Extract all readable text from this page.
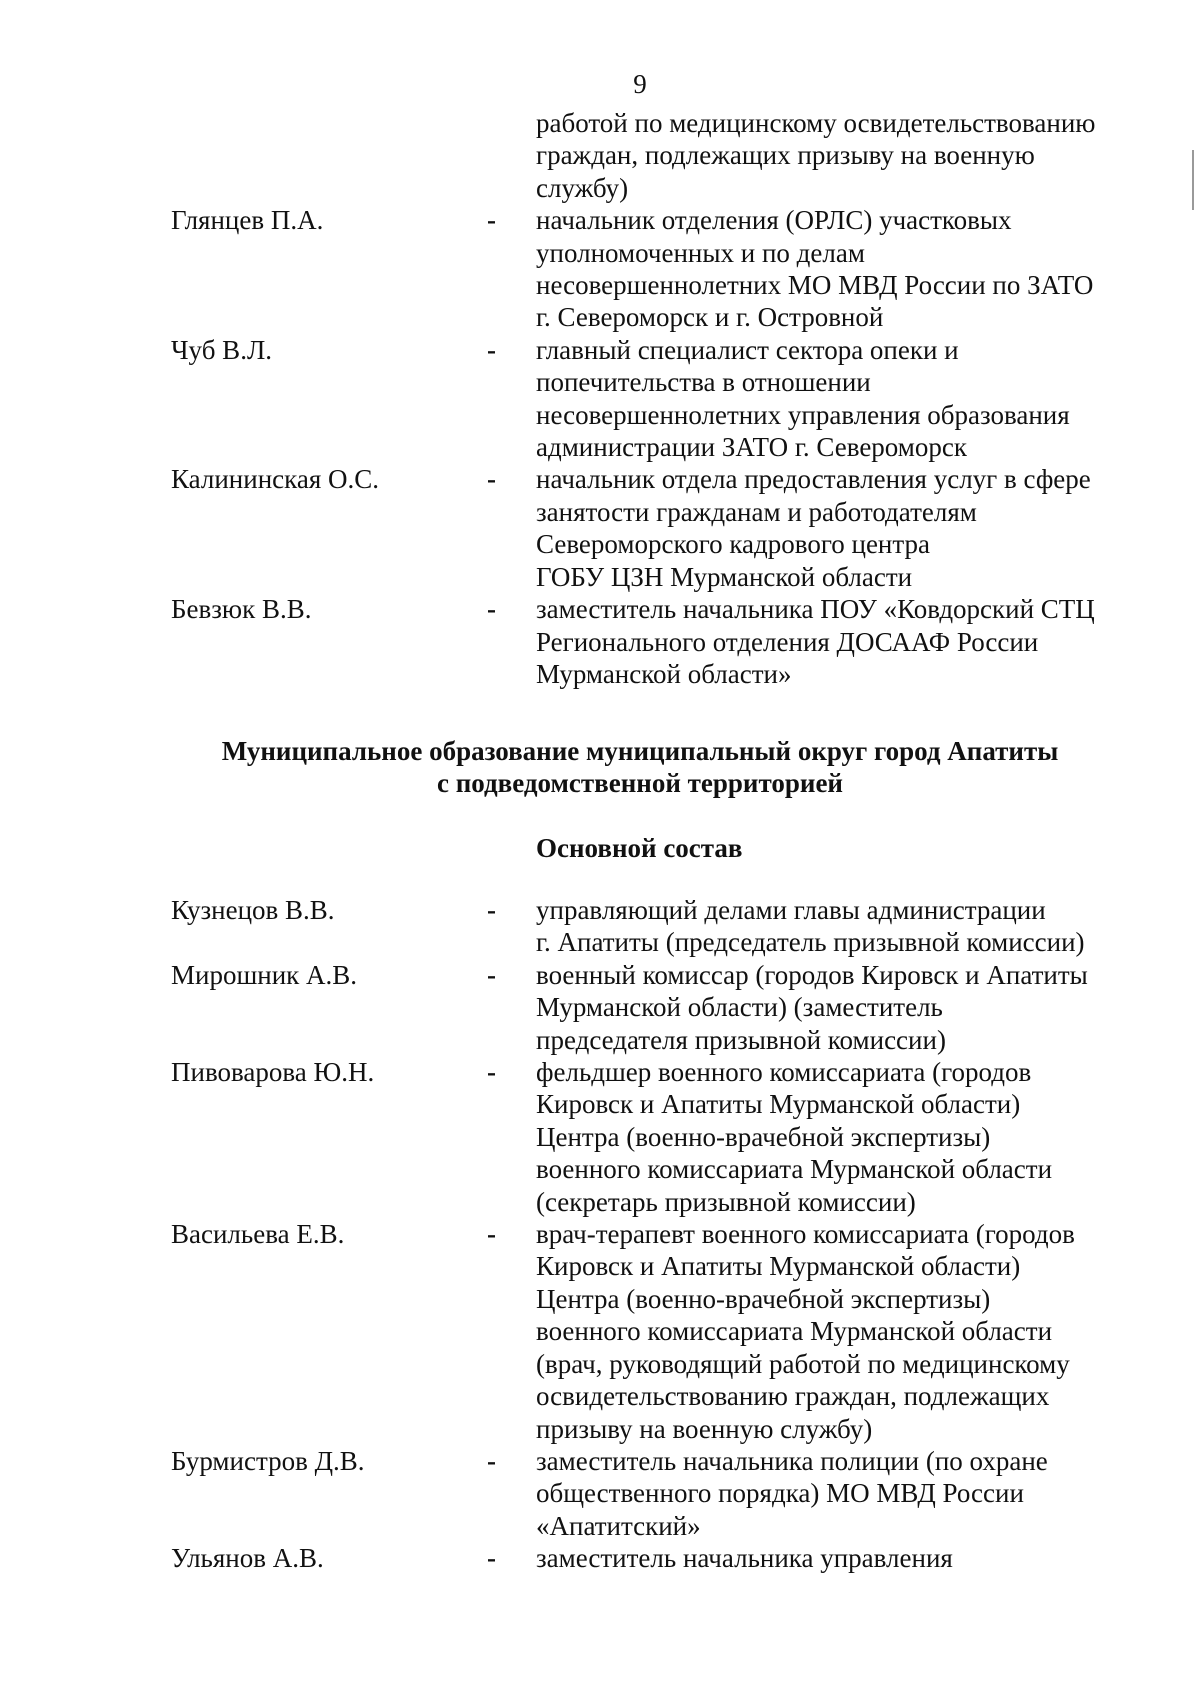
9
работой по медицинскому освидетельствованию
граждан, подлежащих призыву на военную
службу)
Глянцев П.А.	- начальник отделения (ОРЛС) участковых
уполномоченных и по делам
несовершеннолетних МО МВД России по ЗАТО
г. Североморск и г. Островной
Чуб В.Л.	- главный специалист сектора опеки и
попечительства в отношении
несовершеннолетних управления образования
администрации ЗАТО г. Североморск
Калининская О.С.	- начальник отдела предоставления услуг в сфере
занятости гражданам и работодателям
Североморского кадрового центра
ГОБУ ЦЗН Мурманской области
Бевзюк В.В.	- заместитель начальника ПОУ «Ковдорский СТЦ
Регионального отделения ДОСААФ России
Мурманской области»
Муниципальное образование муниципальный округ город Апатиты
с подведомственной территорией
Основной состав
Кузнецов В.В.	- управляющий делами главы администрации
г. Апатиты (председатель призывной комиссии)
Мирошник А.В.	- военный комиссар (городов Кировск и Апатиты
Мурманской области) (заместитель
председателя призывной комиссии)
Пивоварова Ю.Н.	- фельдшер военного комиссариата (городов
Кировск и Апатиты Мурманской области)
Центра (военно-врачебной экспертизы)
военного комиссариата Мурманской области
(секретарь призывной комиссии)
Васильева Е.В.	- врач-терапевт военного комиссариата (городов
Кировск и Апатиты Мурманской области)
Центра (военно-врачебной экспертизы)
военного комиссариата Мурманской области
(врач, руководящий работой по медицинскому
освидетельствованию граждан, подлежащих
призыву на военную службу)
Бурмистров Д.В.	- заместитель начальника полиции (по охране
общественного порядка) МО МВД России
«Апатитский»
Ульянов А.В.	- заместитель начальника управления
